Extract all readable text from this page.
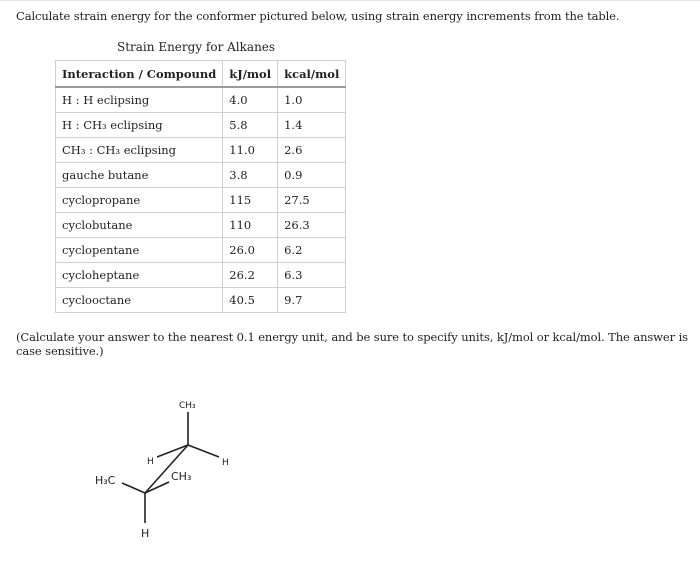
Calculate strain energy for the conformer pictured below, using strain energy increments from the table.
Strain Energy for Alkanes
Interaction / Compound	kJ/mol	kcal/mol
H : H eclipsing	4.0	1.0
H : CH₃ eclipsing	5.8	1.4
CH₃ : CH₃ eclipsing	11.0	2.6
gauche butane	3.8	0.9
cyclopropane	115	27.5
cyclobutane	110	26.3
cyclopentane	26.0	6.2
cycloheptane	26.2	6.3
cyclooctane	40.5	9.7
(Calculate your answer to the nearest 0.1 energy unit, and be sure to specify units, kJ/mol or kcal/mol. The answer is case sensitive.)
CH₃
H
H
H₃C	CH₃
H
